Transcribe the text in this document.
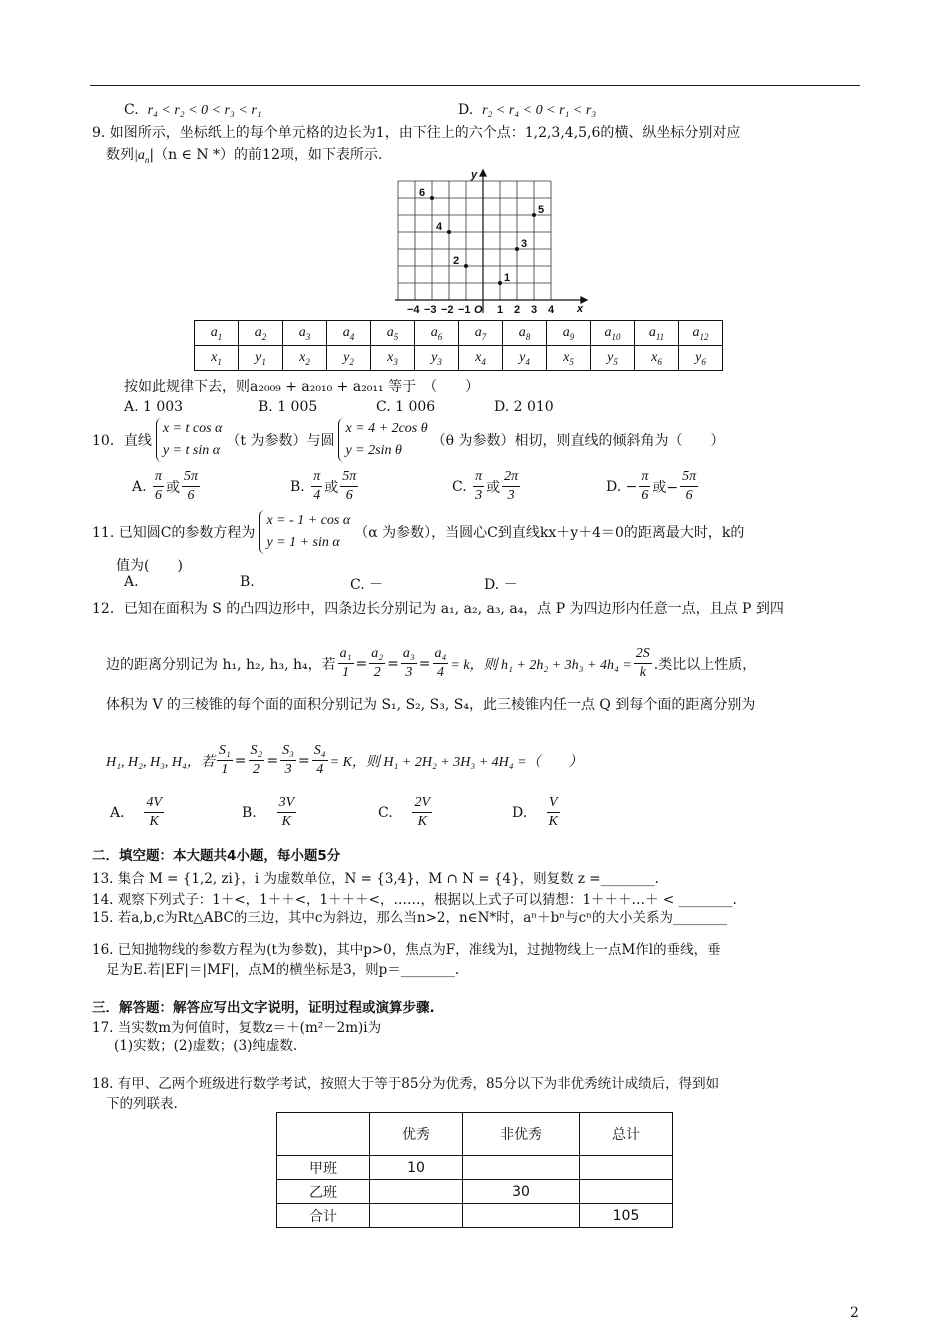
C. r₄ < r₂ < 0 < r₃ < r₁	D. r₂ < r₄ < 0 < r₁ < r₃
9. 如图所示，坐标纸上的每个单元格的边长为1，由下往上的六个点：1,2,3,4,5,6的横、纵坐标分别对应
数列$|a_n|(n$ ∈ N *）的前12项，如下表所示.
1
2
3
4
5
6
−4 −3 −2 −1 1 2 3 4
O	x
y
$a_1$	$a_2$	$a_3$	$a_4$	$a_5$	$a_6$	$a_7$	$a_8$	$a_9$	$a_{10}$	$a_{11}$	$a_{12}$
$x_1$	$y_1$	$x_2$	$y_2$	$x_3$	$y_3$	$x_4$	$y_4$	$x_5$	$y_5$	$x_6$	$y_6$
按如此规律下去，则a₂₀₀₉ + a₂₀₁₀ + a₂₀₁₁ 等于　（　　）
A. 1 003	B. 1 005	C. 1 006	D. 2 010
10．直线
x = t cos α
y = t sin α
（t 为参数）与圆
x = 4 + 2cos θ
y = 2sin θ
（θ 为参数）相切，则直线的倾斜角为（　　）
A.
$\frac{\pi}{6}$ 或 $\frac{5\pi}{6}$	B.
$\frac{\pi}{4}$ 或 $\frac{5\pi}{6}$	C.
$\frac{\pi}{3}$ 或 $\frac{2\pi}{3}$	D. − $\frac{\pi}{6}$ 或− $\frac{5\pi}{6}$
11. 已知圆C的参数方程为
x = - 1 + cos α
y = 1 + sin α
（α 为参数），当圆心C到直线kx＋y＋4＝0的距离最大时，k的
值为(　　)
A.	B.	C. －	D. －
12．已知在面积为 S 的凸四边形中，四条边长分别记为 a₁, a₂, a₃, a₄，点 P 为四边形内任意一点，且点 P 到四
边的距离分别记为 h₁, h₂, h₃, h₄，若 $\frac{\text{a₁}}{1} = \frac{\text{a₂}}{2} = \frac{\text{a₃}}{3} = \frac{\text{a₄}}{4} = k$，则 $h_1 + 2h_2 + 3h_3 + 4h_4 = \frac{2S}{k}$ .类比以上性质，
体积为 V 的三棱锥的每个面的面积分别记为 S₁, S₂, S₃, S₄，此三棱锥内任一点 Q 到每个面的距离分别为
H₁, H₂, H₃, H₄，若 $\frac{\text{S₁}}{1} = \frac{\text{S₂}}{2} = \frac{\text{S₃}}{3} = \frac{\text{S₄}}{4} = K$，则 H₁ + 2H₂ + 3H₃ + 4H₄ =（　　）
A.
$\frac{4V}{K}$	B.
$\frac{3V}{K}$	C.
$\frac{2V}{K}$	D.
$\frac{V}{K}$
二．填空题：本大题共4小题，每小题5分
13. 集合 M = {1,2, zi}，i 为虚数单位，N = {3,4}，M ∩ N = {4}，则复数 z =________.
14. 观察下列式子：1＋<，1＋＋<，1＋＋＋<，……，根据以上式子可以猜想：1＋＋＋…＋ < ________.
15. 若a,b,c为Rt△ABC的三边，其中c为斜边，那么当n>2，n∈N*时，aⁿ＋bⁿ与cⁿ的大小关系为________
16. 已知抛物线的参数方程为(t为参数)，其中p>0，焦点为F，准线为l，过抛物线上一点M作l的垂线，垂
足为E.若|EF|＝|MF|，点M的横坐标是3，则p＝________.
三．解答题：解答应写出文字说明，证明过程或演算步骤.
17. 当实数m为何值时，复数z＝＋(m²－2m)i为
(1)实数；(2)虚数；(3)纯虚数.
18. 有甲、乙两个班级进行数学考试，按照大于等于85分为优秀，85分以下为非优秀统计成绩后，得到如
下的列联表.
	优秀	非优秀	总计
甲班	10		
乙班		30	
合计			105
2
